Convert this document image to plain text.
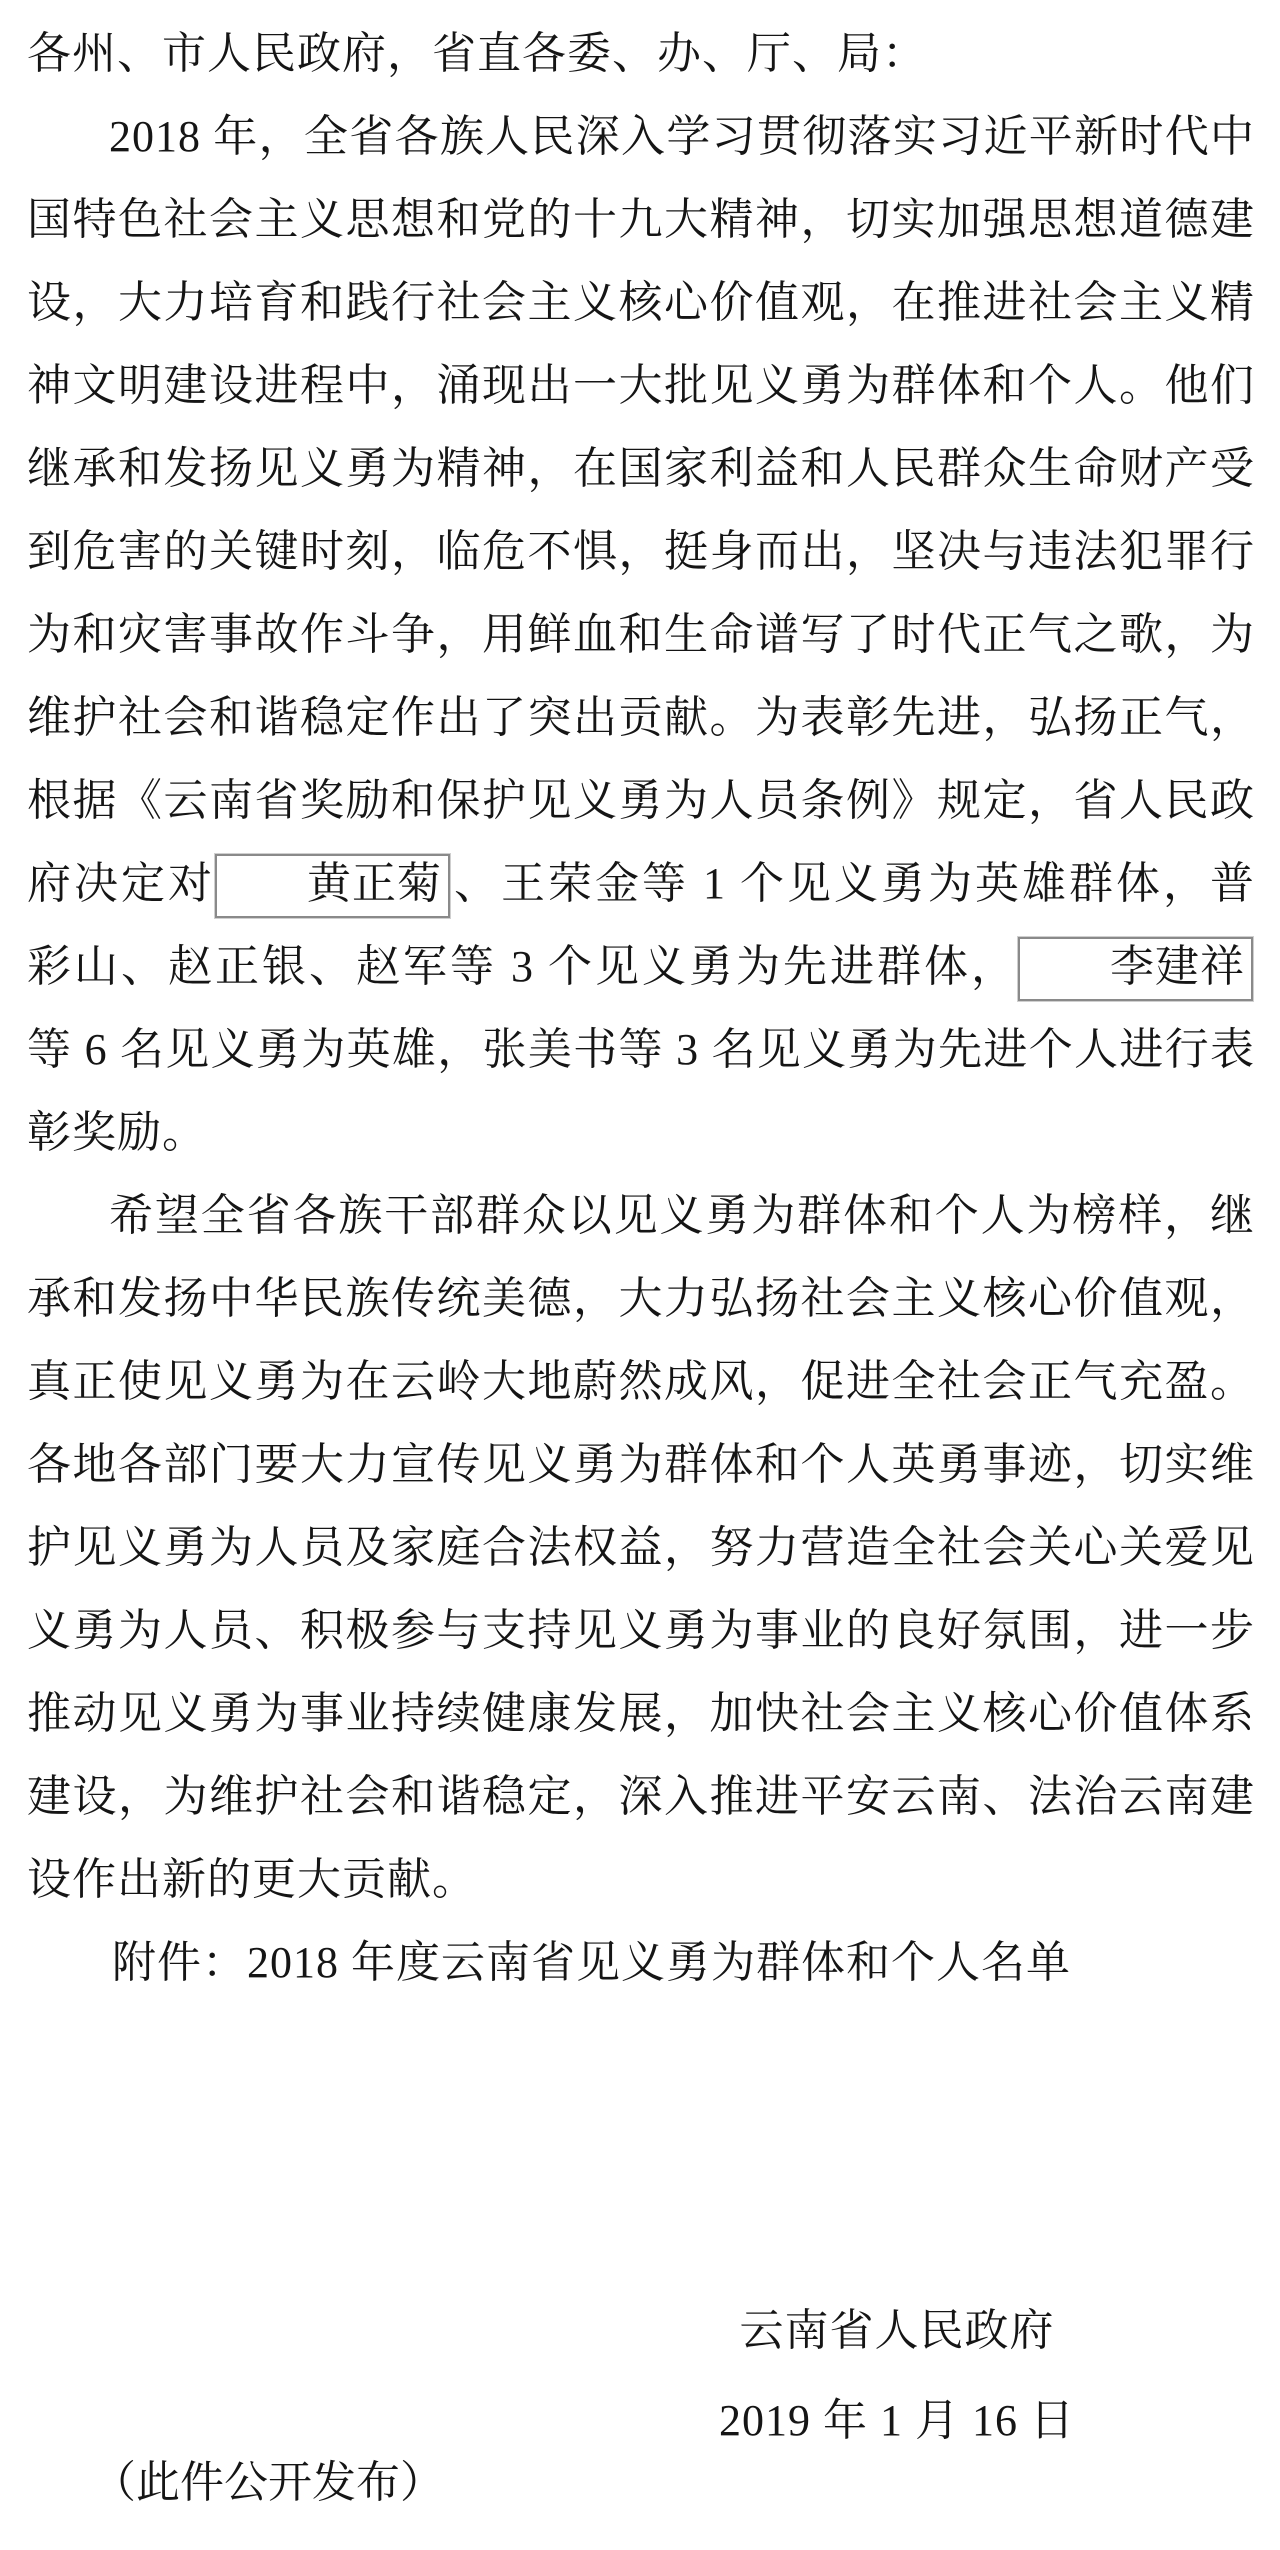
各州、市人民政府，省直各委、办、厅、局：

2018 年，全省各族人民深入学习贯彻落实习近平新时代中国特色社会主义思想和党的十九大精神，切实加强思想道德建设，大力培育和践行社会主义核心价值观，在推进社会主义精神文明建设进程中，涌现出一大批见义勇为群体和个人。他们继承和发扬见义勇为精神，在国家利益和人民群众生命财产受到危害的关键时刻，临危不惧，挺身而出，坚决与违法犯罪行为和灾害事故作斗争，用鲜血和生命谱写了时代正气之歌，为维护社会和谐稳定作出了突出贡献。为表彰先进，弘扬正气，根据《云南省奖励和保护见义勇为人员条例》规定，省人民政府决定对 黄正菊 、王荣金等 1 个见义勇为英雄群体，普彩山、赵正银、赵军等 3 个见义勇为先进群体， 李建祥等 6 名见义勇为英雄，张美书等 3 名见义勇为先进个人进行表彰奖励。

希望全省各族干部群众以见义勇为群体和个人为榜样，继承和发扬中华民族传统美德，大力弘扬社会主义核心价值观，真正使见义勇为在云岭大地蔚然成风，促进全社会正气充盈。各地各部门要大力宣传见义勇为群体和个人英勇事迹，切实维护见义勇为人员及家庭合法权益，努力营造全社会关心关爱见义勇为人员、积极参与支持见义勇为事业的良好氛围，进一步推动见义勇为事业持续健康发展，加快社会主义核心价值体系建设，为维护社会和谐稳定，深入推进平安云南、法治云南建设作出新的更大贡献。

附件：2018 年度云南省见义勇为群体和个人名单
云南省人民政府
2019 年 1 月 16 日
（此件公开发布）
